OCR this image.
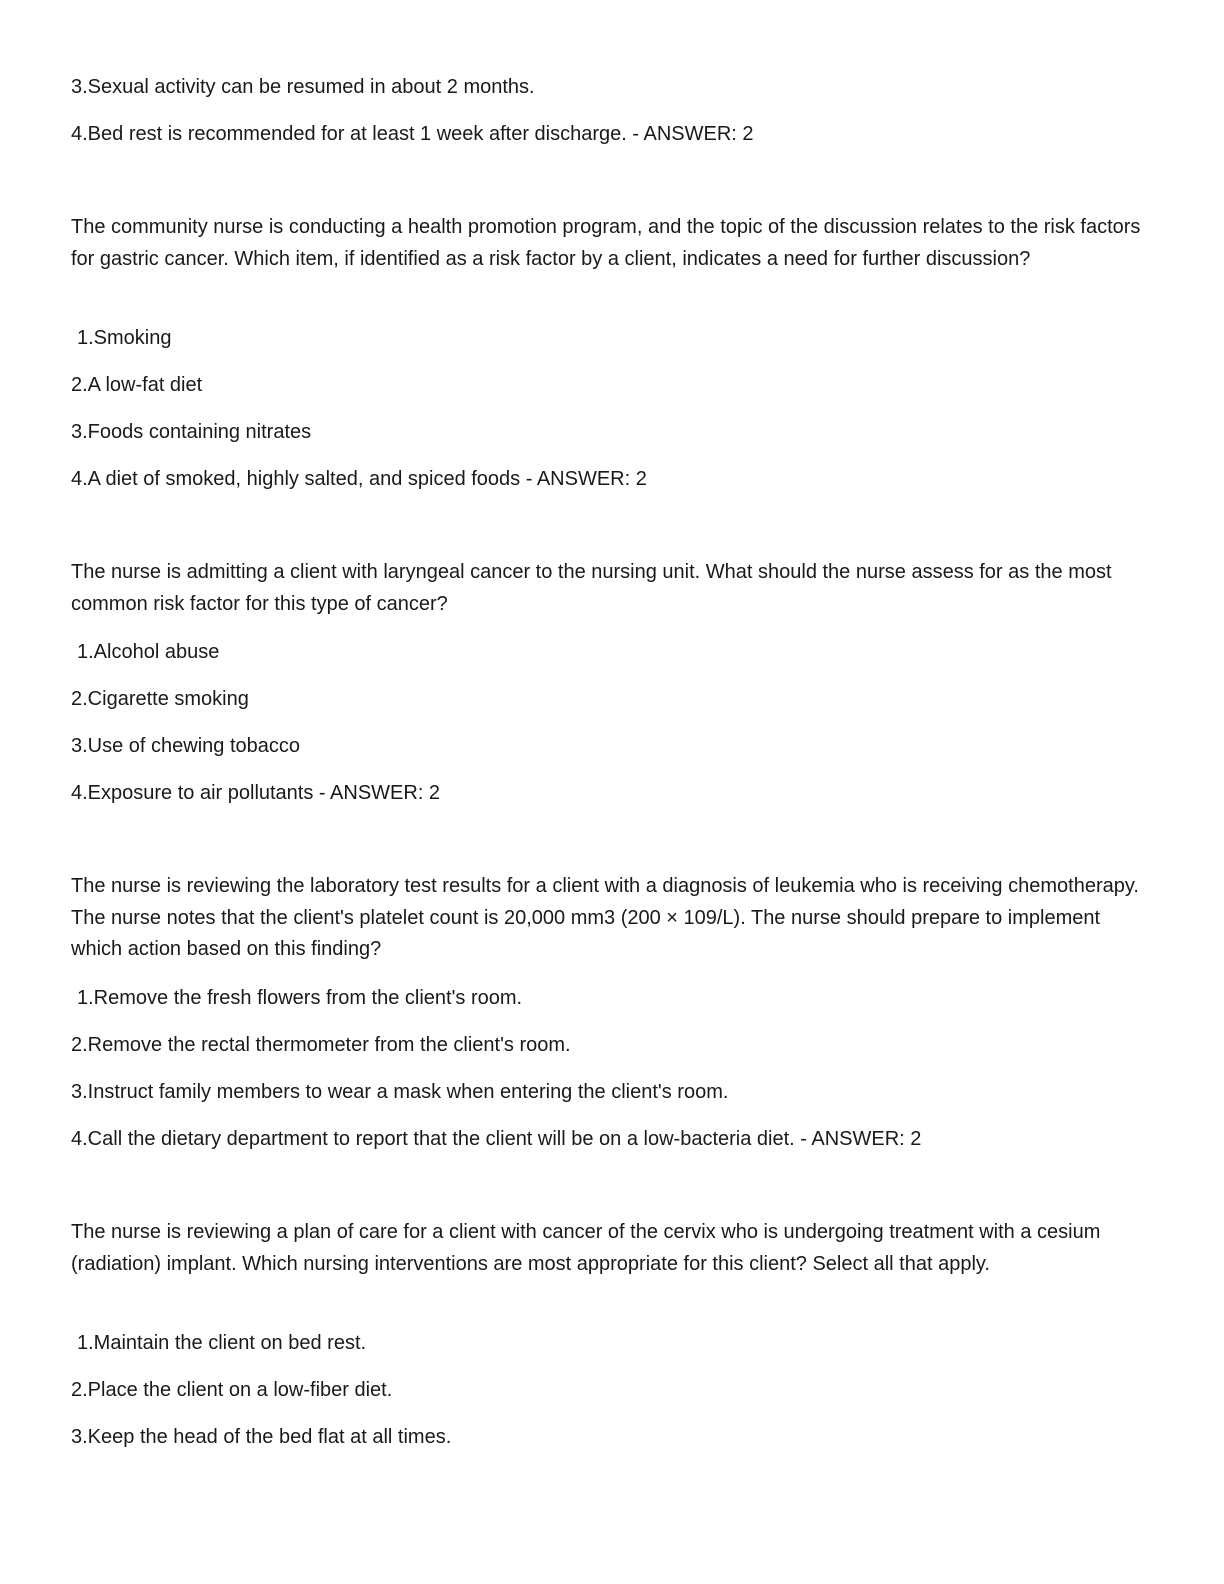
3.Sexual activity can be resumed in about 2 months.
4.Bed rest is recommended for at least 1 week after discharge. - ANSWER: 2
The community nurse is conducting a health promotion program, and the topic of the discussion relates to the risk factors for gastric cancer. Which item, if identified as a risk factor by a client, indicates a need for further discussion?
1.Smoking
2.A low-fat diet
3.Foods containing nitrates
4.A diet of smoked, highly salted, and spiced foods - ANSWER: 2
The nurse is admitting a client with laryngeal cancer to the nursing unit. What should the nurse assess for as the most common risk factor for this type of cancer?
1.Alcohol abuse
2.Cigarette smoking
3.Use of chewing tobacco
4.Exposure to air pollutants - ANSWER: 2
The nurse is reviewing the laboratory test results for a client with a diagnosis of leukemia who is receiving chemotherapy. The nurse notes that the client's platelet count is 20,000 mm3 (200 × 109/L). The nurse should prepare to implement which action based on this finding?
1.Remove the fresh flowers from the client's room.
2.Remove the rectal thermometer from the client's room.
3.Instruct family members to wear a mask when entering the client's room.
4.Call the dietary department to report that the client will be on a low-bacteria diet. - ANSWER: 2
The nurse is reviewing a plan of care for a client with cancer of the cervix who is undergoing treatment with a cesium (radiation) implant. Which nursing interventions are most appropriate for this client? Select all that apply.
1.Maintain the client on bed rest.
2.Place the client on a low-fiber diet.
3.Keep the head of the bed flat at all times.
